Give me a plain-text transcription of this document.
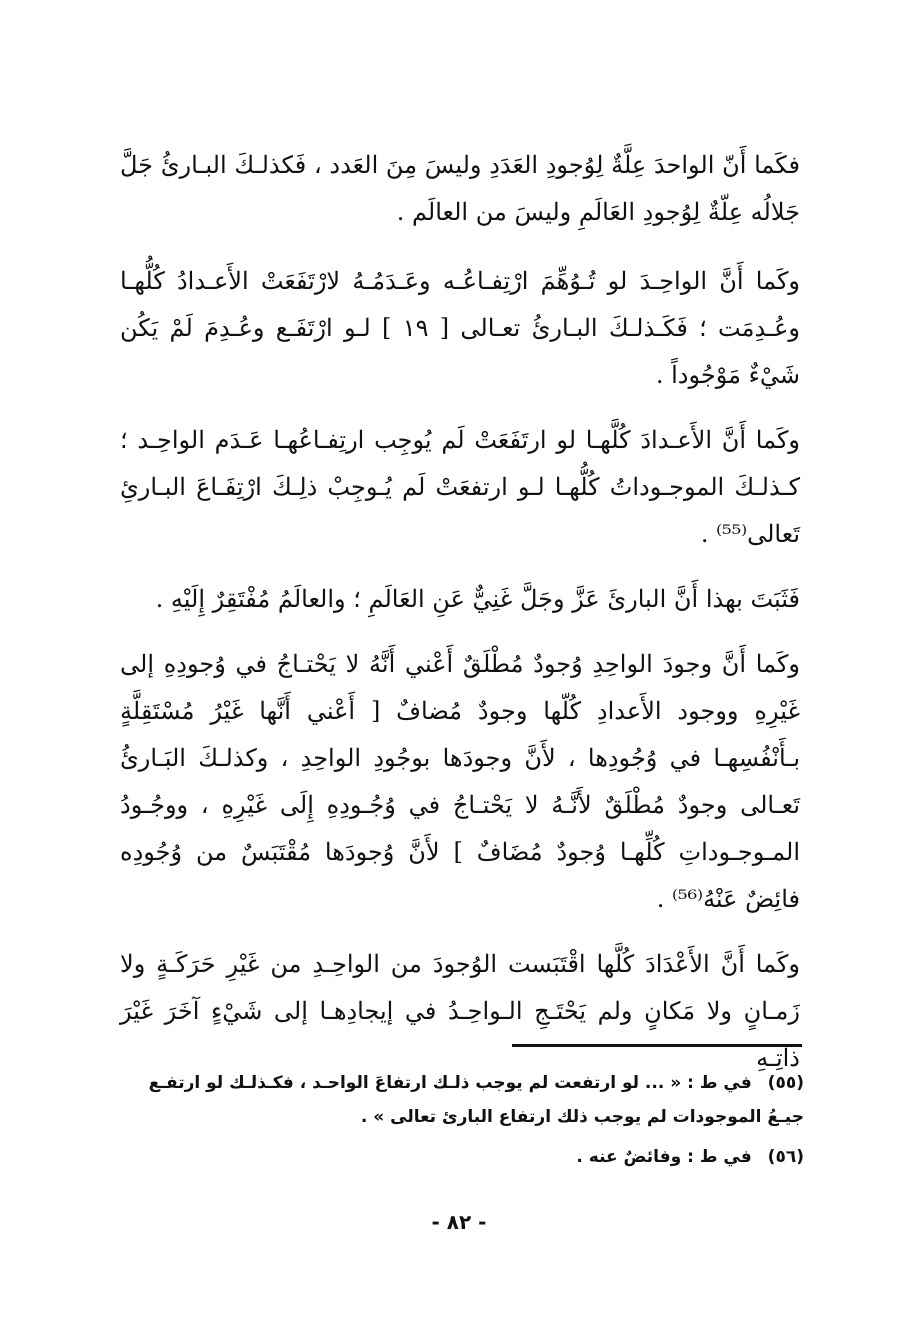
فكَما أَنّ الواحدَ عِلَّةٌ لِوُجودِ العَدَدِ وليسَ مِنَ العَدد ، فَكذلـكَ البـارئُ جَلَّ جَلالُه عِلّةٌ لِوُجودِ العَالَمِ وليسَ من العالَم .

وكَما أَنَّ الواحِـدَ لو تُـوُهِّمَ ارْتِفـاعُـه وعَـدَمُـهُ لارْتَفَعَتْ الأَعـدادُ كُلُّهـا وعُـدِمَت ؛ فَكَـذلـكَ البـارئُ تعـالى [ ١٩ ] لـو ارْتَفَـع وعُـدِمَ لَمْ يَكُن شَيْءٌ مَوْجُوداً .

وكَما أَنَّ الأَعـدادَ كُلَّهـا لو ارتَفَعَتْ لَم يُوجِب ارتِفـاعُهـا عَـدَم الواحِـد ؛ كـذلـكَ الموجـوداتُ كُلُّهـا لـو ارتفعَتْ لَم يُـوجِبْ ذلِـكَ ارْتِفَـاعَ البـارئِ تَعالى⁽⁵⁵⁾ .

فَثَبَتَ بهذا أَنَّ البارئَ عَزَّ وجَلَّ غَنِيٌّ عَنِ العَالَمِ ؛ والعالَمُ مُفْتَقِرٌ إِلَيْهِ .

وكَما أَنَّ وجودَ الواحِدِ وُجودٌ مُطْلَقٌ أَعْني أَنَّهُ لا يَحْتـاجُ في وُجودِهِ إلى غَيْرِهِ ووجود الأَعدادِ كُلّها وجودٌ مُضافٌ [ أَعْني أَنَّها غَيْرُ مُسْتَقِلَّةٍ بـأَنْفُسِهـا في وُجُودِها ، لأَنَّ وجودَها بوجُودِ الواحِدِ ، وكذلـكَ البَـارئُ تَعـالى وجودٌ مُطْلَقٌ لأَنَّـهُ لا يَحْتـاجُ في وُجُـودِهِ إِلَى غَيْرِهِ ، ووجُـودُ المـوجـوداتِ كُلِّهـا وُجودٌ مُضَافٌ ] لأَنَّ وُجودَها مُقْتَبَسٌ من وُجُودِه فائِضٌ عَنْهُ⁽⁵⁶⁾ .

وكَما أَنَّ الأَعْدَادَ كُلَّها اقْتَبَست الوُجودَ من الواحِـدِ من غَيْرِ حَرَكَـةٍ ولا زَمـانٍ ولا مَكانٍ ولم يَحْتَـجِ الـواحِـدُ في إيجادِهـا إلى شَيْءٍ آخَرَ غَيْرَ ذاتِـهِ

(٥٥) في ط : « ... لو ارتفعت لم يوجب ذلـك ارتفاعَ الواحـد ، فكـذلـك لو ارتفـع جيـعُ الموجودات لم يوجب ذلك ارتفاع البارئ تعالى » .

(٥٦) في ط : وفائضٌ عنه .

- ٨٢ -
